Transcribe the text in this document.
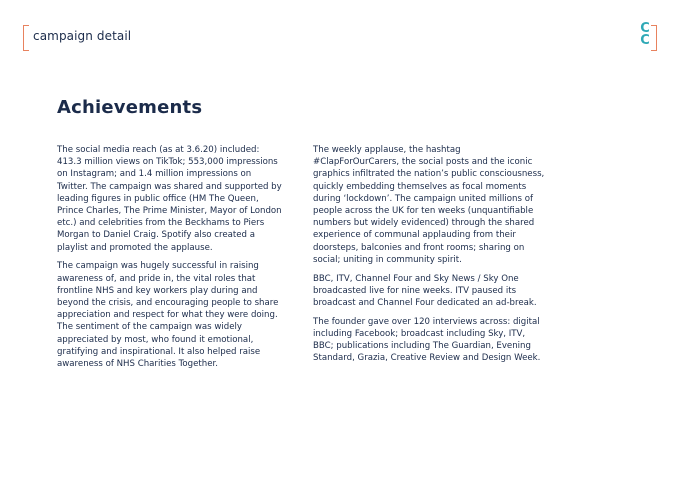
campaign detail	C
C
Achievements

The social media reach (as at 3.6.20) included: 413.3 million views on TikTok; 553,000 impressions on Instagram; and 1.4 million impressions on Twitter. The campaign was shared and supported by leading figures in public office (HM The Queen, Prince Charles, The Prime Minister, Mayor of London etc.) and celebrities from the Beckhams to Piers Morgan to Daniel Craig. Spotify also created a playlist and promoted the applause.

The campaign was hugely successful in raising awareness of, and pride in, the vital roles that frontline NHS and key workers play during and beyond the crisis, and encouraging people to share appreciation and respect for what they were doing. The sentiment of the campaign was widely appreciated by most, who found it emotional, gratifying and inspirational. It also helped raise awareness of NHS Charities Together.

The weekly applause, the hashtag #ClapForOurCarers, the social posts and the iconic graphics infiltrated the nation’s public consciousness, quickly embedding themselves as focal moments during ‘lockdown’. The campaign united millions of people across the UK for ten weeks (unquantifiable numbers but widely evidenced) through the shared experience of communal applauding from their doorsteps, balconies and front rooms; sharing on social; uniting in community spirit.

BBC, ITV, Channel Four and Sky News / Sky One broadcasted live for nine weeks. ITV paused its broadcast and Channel Four dedicated an ad-break.

The founder gave over 120 interviews across: digital including Facebook; broadcast including Sky, ITV, BBC; publications including The Guardian, Evening Standard, Grazia, Creative Review and Design Week.
